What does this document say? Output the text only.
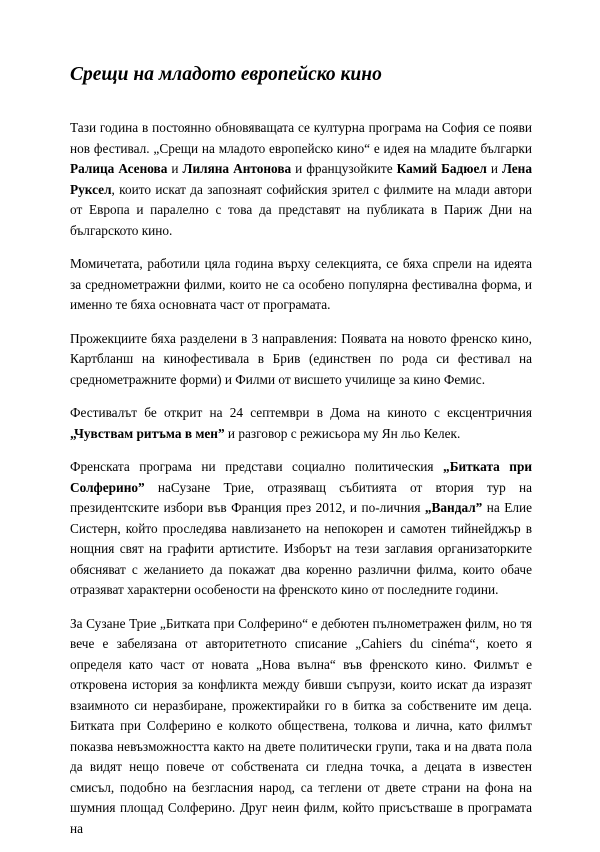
Срещи на младото европейско кино

Тази година в постоянно обновяващата се културна програма на София се появи нов фестивал. „Срещи на младото европейско кино“ е идея на младите българки Ралица Асенова и Лиляна Антонова и французойките Камий Бадюел и Лена Руксел, които искат да запознаят софийския зрител с филмите на млади автори от Европа и паралелно с това да представят на публиката в Париж Дни на българското кино.

Момичетата, работили цяла година върху селекцията, се бяха спрели на идеята за среднометражни филми, които не са особено популярна фестивална форма, и именно те бяха основната част от програмата.

Прожекциите бяха разделени в 3 направления: Появата на новото френско кино, Картбланш на кинофестивала в Брив (единствен по рода си фестивал на среднометражните форми) и Филми от висшето училище за кино Фемис.

Фестивалът бе открит на 24 септември в Дома на киното с ексцентричния „Чувствам ритъма в мен” и разговор с режисьора му Ян льо Келек.

Френската програма ни представи социално политическия „Битката при Солферино” наСузане Трие, отразяващ събитията от втория тур на президентските избори във Франция през 2012, и по-личния „Вандал” на Елие Систерн, който проследява навлизането на непокорен и самотен тийнейджър в нощния свят на графити артистите. Изборът на тези заглавия организаторките обясняват с желанието да покажат два коренно различни филма, които обаче отразяват характерни особености на френското кино от последните години.

За Сузане Трие „Битката при Солферино“ е дебютен пълнометражен филм, но тя вече е забелязана от авторитетното списание „Cahiers du cinéma“, което я определя като част от новата „Нова вълна“ във френското кино. Филмът е откровена история за конфликта между бивши съпрузи, които искат да изразят взаимното си неразбиране, прожектирайки го в битка за собствените им деца. Битката при Солферино е колкото обществена, толкова и лична, като филмът показва невъзможността както на двете политически групи, така и на двата пола да видят нещо повече от собствената си гледна точка, а децата в известен смисъл, подобно на безгласния народ, са теглени от двете страни на фона на шумния площад Солферино. Друг неин филм, който присъстваше в програмата на
